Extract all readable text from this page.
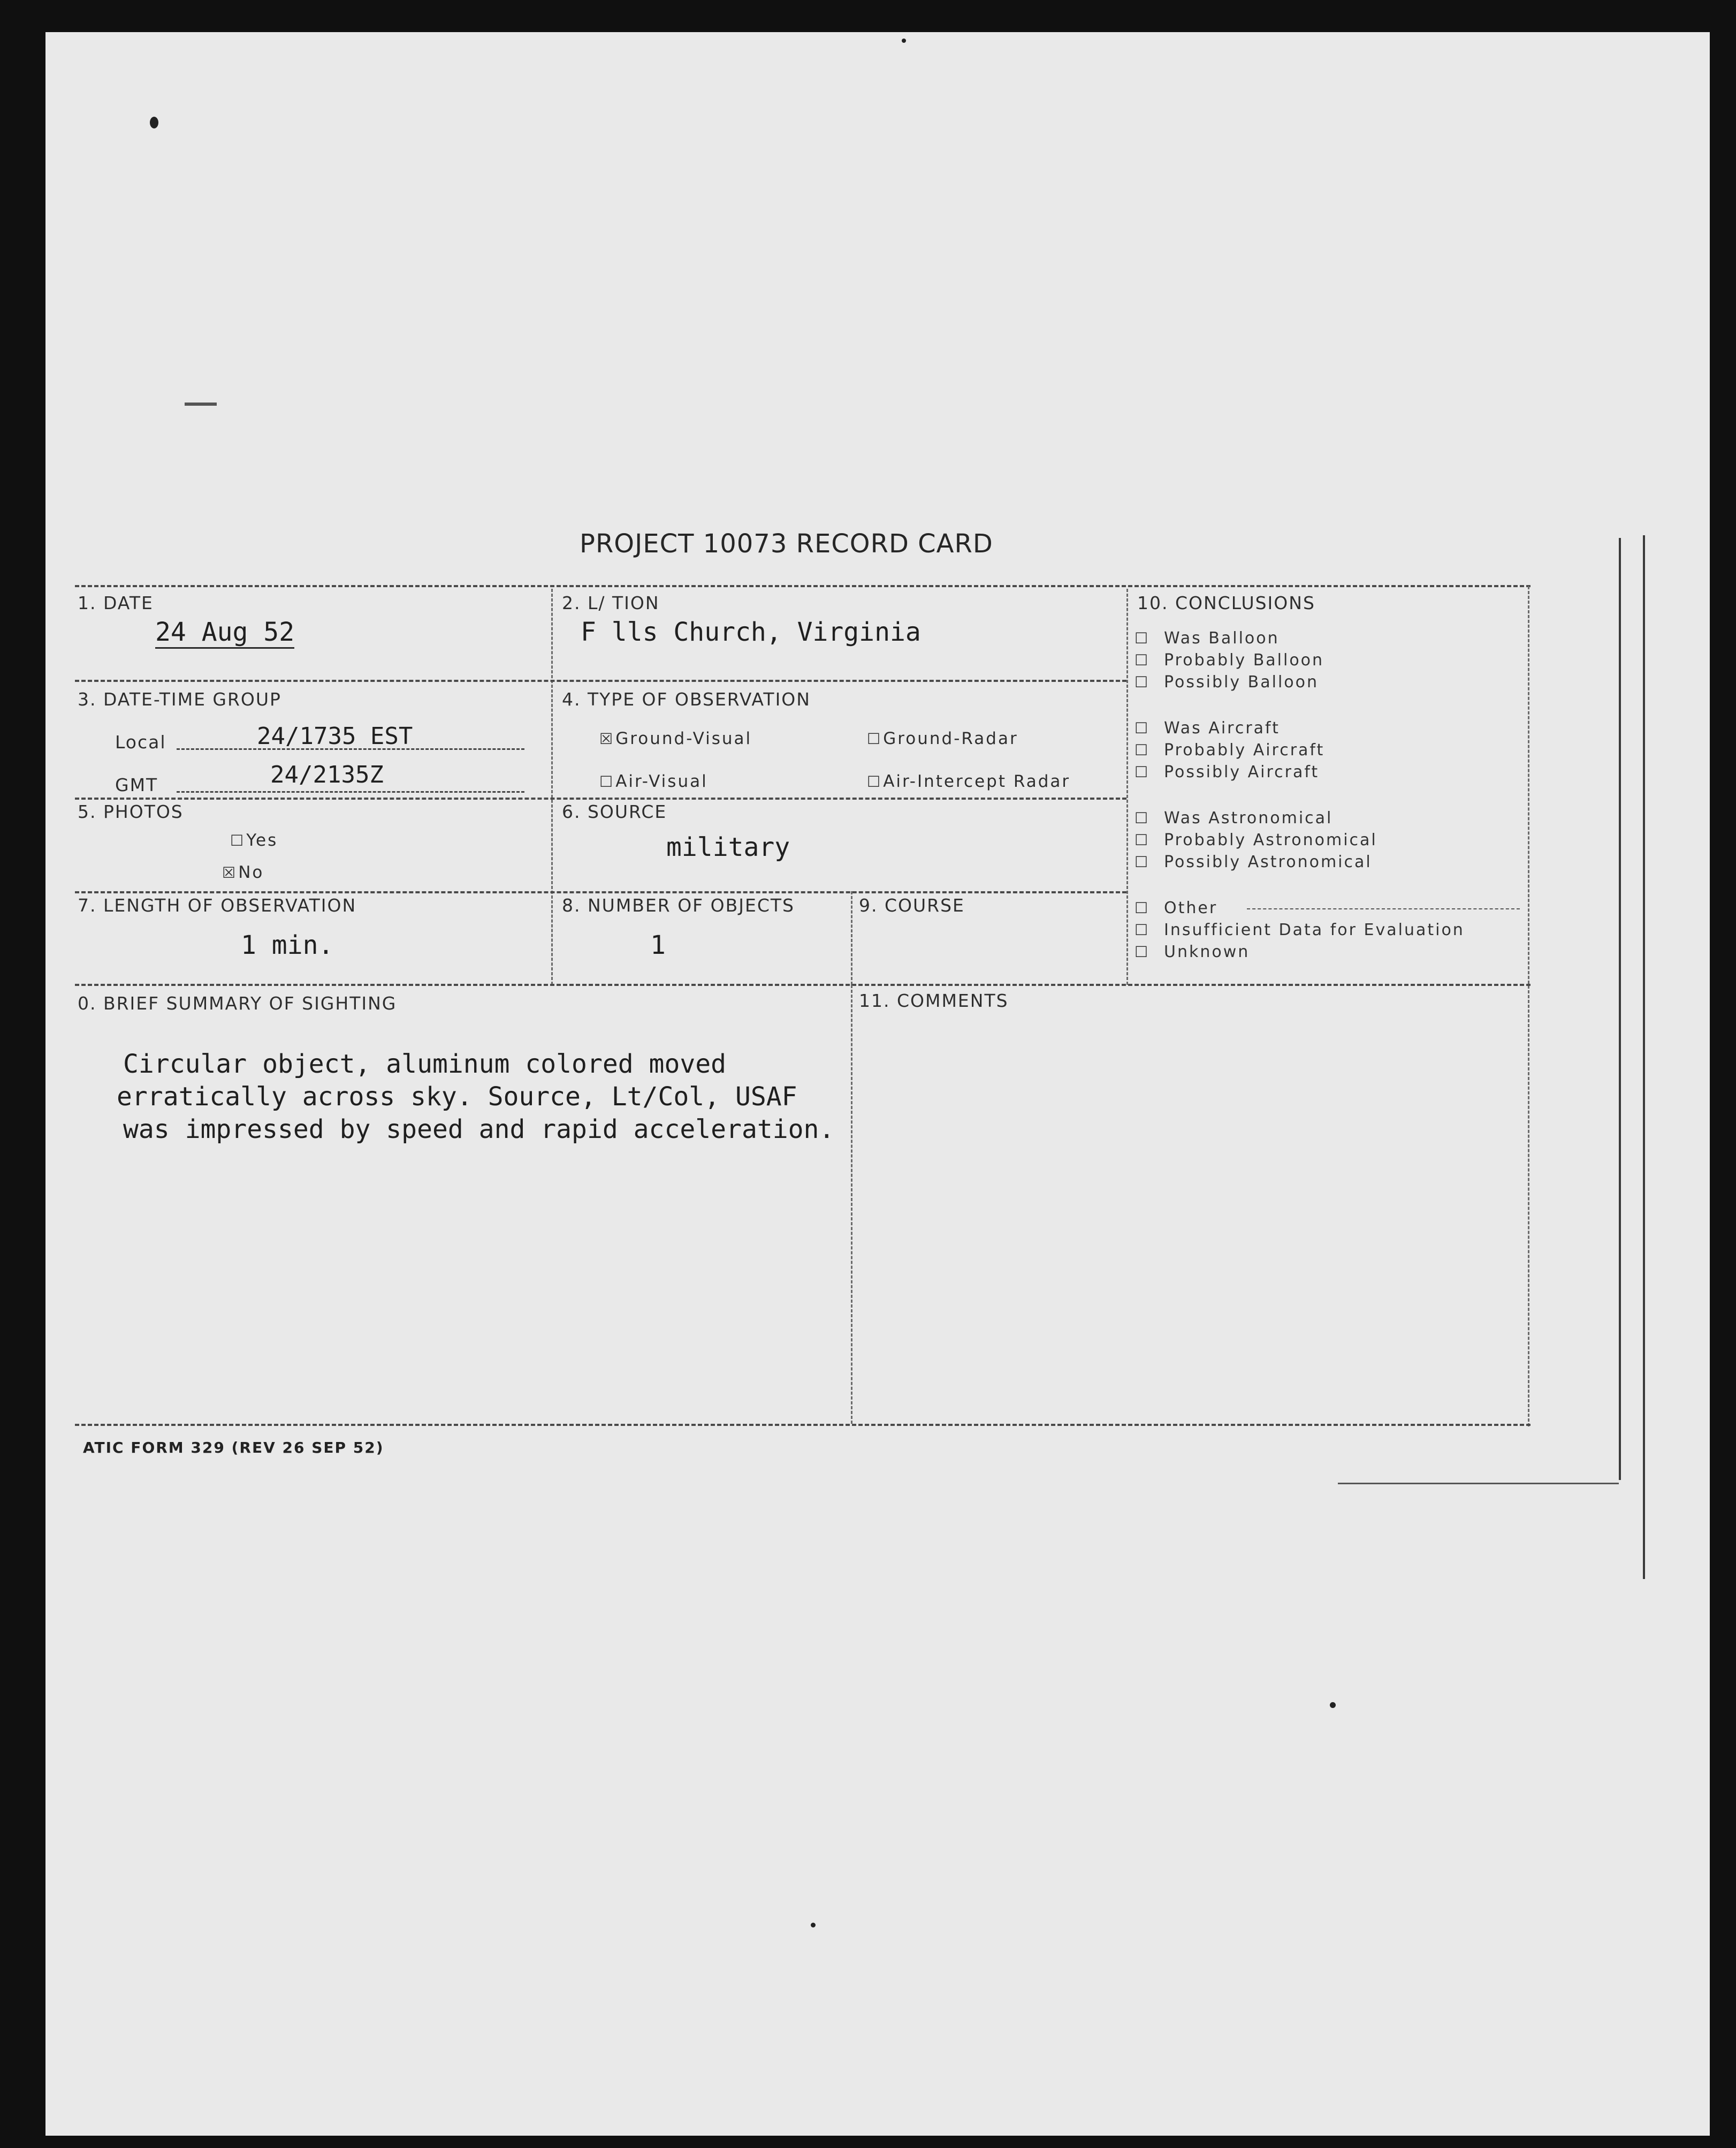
PROJECT 10073 RECORD CARD
1. DATE
24 Aug 52
2. L/ TION
F lls Church, Virginia
3. DATE-TIME GROUP
Local	24/1735 EST
GMT	24/2135Z
4. TYPE OF OBSERVATION
☒ Ground-Visual	☐ Ground-Radar
☐ Air-Visual	☐ Air-Intercept Radar
5. PHOTOS
☐ Yes
☒ No
6. SOURCE
military
7. LENGTH OF OBSERVATION
1 min.
8. NUMBER OF OBJECTS
1
9. COURSE
10. CONCLUSIONS
☐ Was Balloon
☐ Probably Balloon
☐ Possibly Balloon
☐ Was Aircraft
☐ Probably Aircraft
☐ Possibly Aircraft
☐ Was Astronomical
☐ Probably Astronomical
☐ Possibly Astronomical
☐ Other
☐ Insufficient Data for Evaluation
☐ Unknown
0. BRIEF SUMMARY OF SIGHTING
Circular object, aluminum colored moved
erratically across sky. Source, Lt/Col, USAF
was impressed by speed and rapid acceleration.
11. COMMENTS
ATIC FORM 329 (REV 26 SEP 52)
